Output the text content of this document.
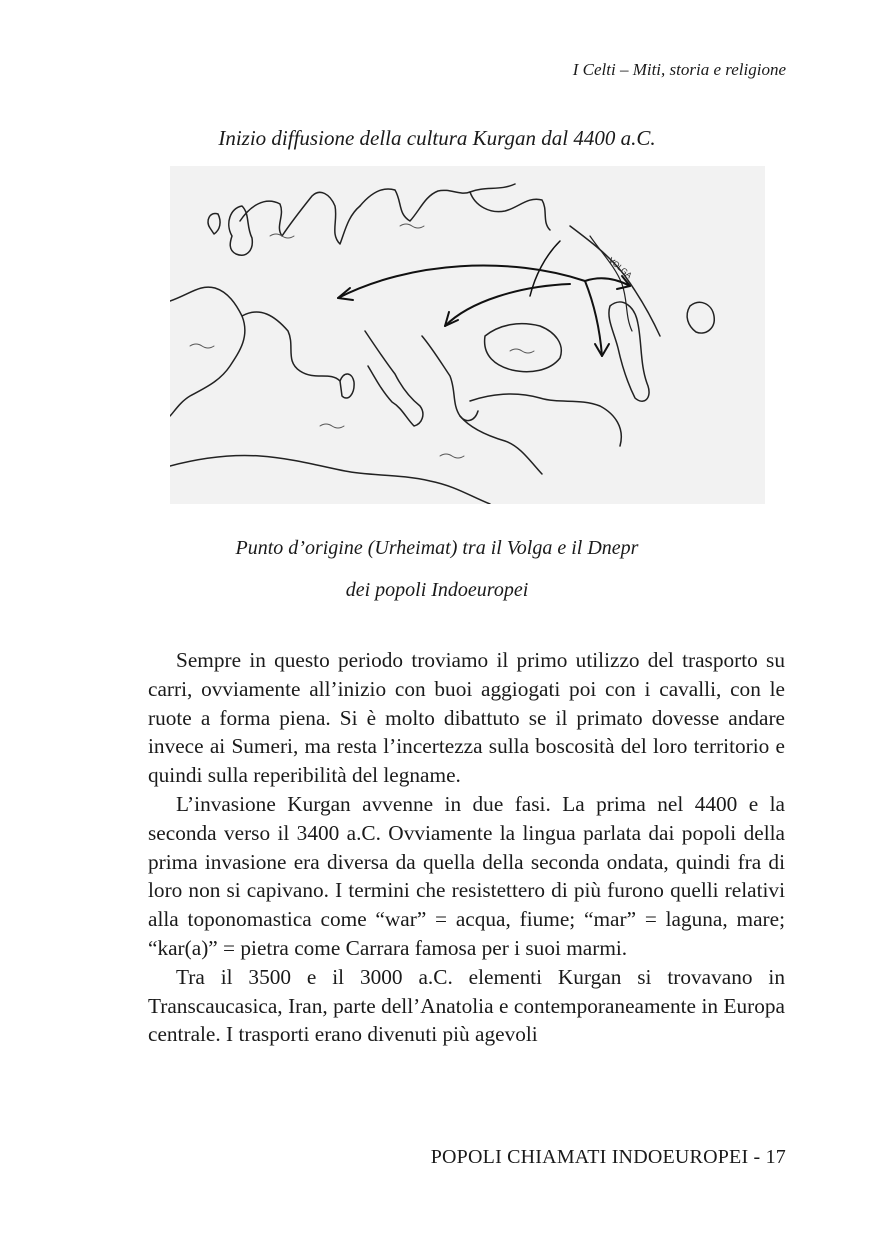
I Celti – Miti, storia e religione
Inizio diffusione della cultura Kurgan dal 4400 a.C.
VOLGA
Punto d’origine (Urheimat) tra il Volga e il Dnepr
dei popoli Indoeuropei

Sempre in questo periodo troviamo il primo utilizzo del trasporto su carri, ovviamente all’inizio con buoi aggiogati poi con i cavalli, con le ruote a forma piena. Si è molto dibattuto se il primato dovesse andare invece ai Sumeri, ma resta l’incertezza sulla boscosità del loro territorio e quindi sulla reperibilità del legname.

L’invasione Kurgan avvenne in due fasi. La prima nel 4400 e la seconda verso il 3400 a.C. Ovviamente la lingua parlata dai popoli della prima invasione era diversa da quella della seconda ondata, quindi fra di loro non si capivano. I termini che resistettero di più furono quelli relativi alla toponomastica come “war” = acqua, fiume; “mar” = laguna, mare; “kar(a)” = pietra come Carrara famosa per i suoi marmi.

Tra il 3500 e il 3000 a.C. elementi Kurgan si trovavano in Transcaucasica, Iran, parte dell’Anatolia e contemporaneamente in Europa centrale. I trasporti erano divenuti più agevoli

POPOLI CHIAMATI INDOEUROPEI - 17
